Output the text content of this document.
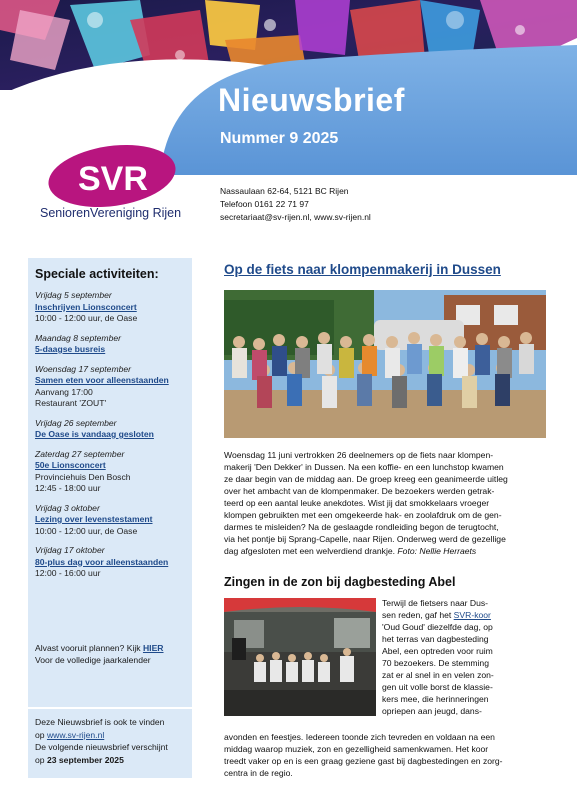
Nieuwsbrief
Nummer 9 2025
SVR
SeniorenVereniging Rijen
Nassaulaan 62-64, 5121 BC Rijen
Telefoon 0161 22 71 97
secretariaat@sv-rijen.nl, www.sv-rijen.nl
Speciale activiteiten:
Vrijdag 5 september
Inschrijven Lionsconcert
10:00 - 12:00 uur, de Oase
Maandag 8 september
5-daagse busreis
Woensdag 17 september
Samen eten voor alleenstaanden
Aanvang 17:00
Restaurant 'ZOUT'
Vrijdag 26 september
De Oase is vandaag gesloten
Zaterdag 27 september
50e Lionsconcert
Provinciehuis Den Bosch
12:45 - 18:00 uur
Vrijdag 3 oktober
Lezing over levenstestament
10:00 - 12:00 uur, de Oase
Vrijdag 17 oktober
80-plus dag voor alleenstaanden
12:00 - 16:00 uur
Alvast vooruit plannen? Kijk HIER
Voor de volledige jaarkalender
Deze Nieuwsbrief is ook te vinden
op www.sv-rijen.nl
De volgende nieuwsbrief verschijnt
op 23 september 2025
Op de fiets naar klompenmakerij in Dussen
Woensdag 11 juni vertrokken 26 deelnemers op de fiets naar klompen-
makerij 'Den Dekker' in Dussen. Na een koffie- en een lunchstop kwamen
ze daar begin van de middag aan. De groep kreeg een geanimeerde uitleg
over het ambacht van de klompenmaker. De bezoekers werden getrak-
teerd op een aantal leuke anekdotes. Wist jij dat smokkelaars vroeger
klompen gebruikten met een omgekeerde hak- en zoolafdruk om de gen-
darmes te misleiden? Na de geslaagde rondleiding begon de terugtocht,
via het pontje bij Sprang-Capelle, naar Rijen. Onderweg werd de gezellige
dag afgesloten met een welverdiend drankje. Foto: Nellie Herraets
Zingen in de zon bij dagbesteding Abel
Terwijl de fietsers naar Dus-
sen reden, gaf het SVR-koor
'Oud Goud' diezelfde dag, op
het terras van dagbesteding
Abel, een optreden voor ruim
70 bezoekers. De stemming
zat er al snel in en velen zon-
gen uit volle borst de klassie-
kers mee, die herinneringen
opriepen aan jeugd, dans-
avonden en feestjes. Iedereen toonde zich tevreden en voldaan na een
middag waarop muziek, zon en gezelligheid samenkwamen. Het koor
treedt vaker op en is een graag geziene gast bij dagbestedingen en zorg-
centra in de regio.
